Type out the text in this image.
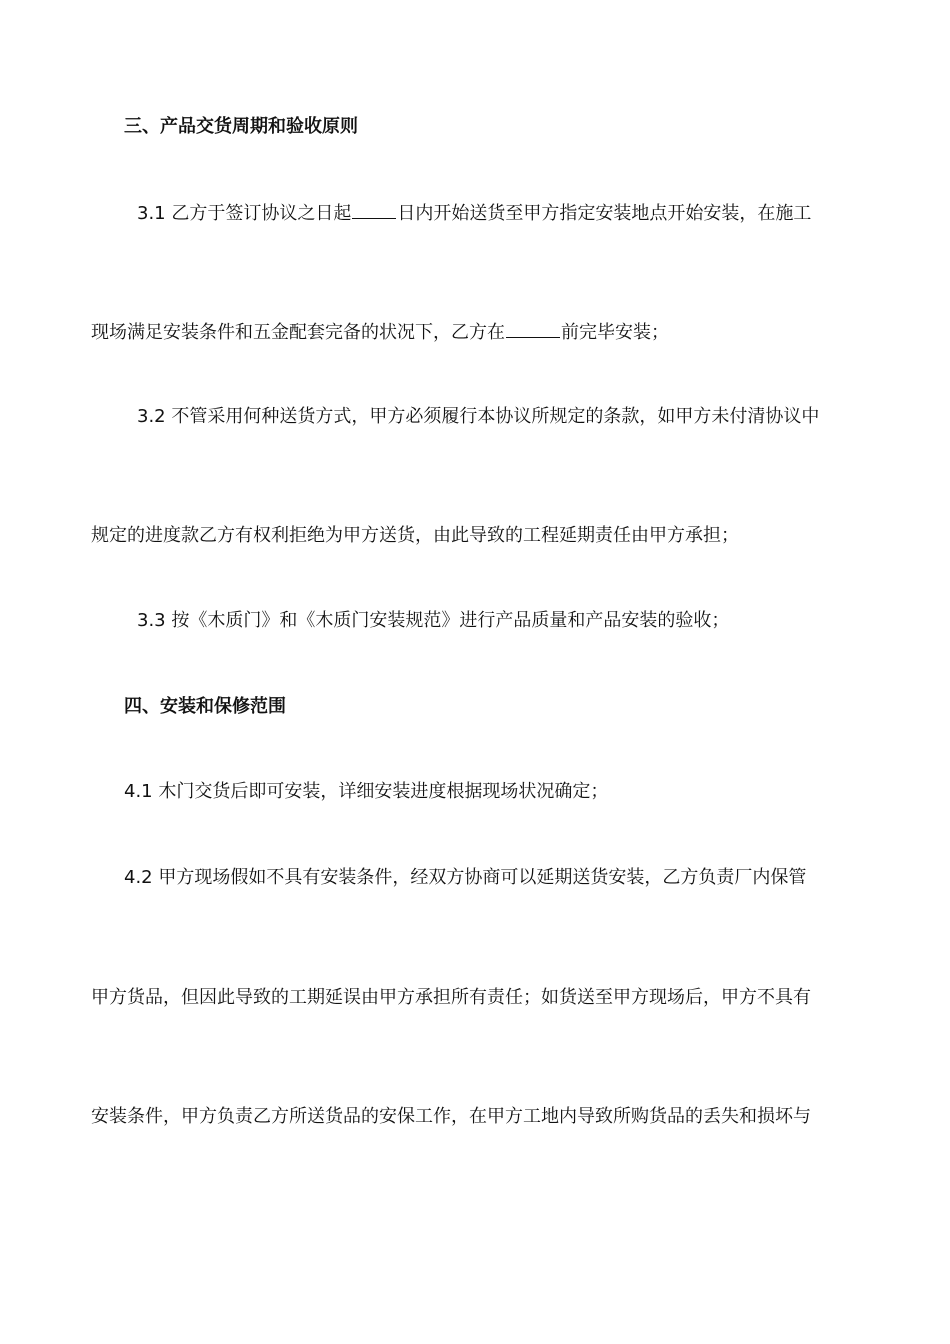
三、产品交货周期和验收原则
3.1 乙方于签订协议之日起	日内开始送货至甲方指定安装地点开始安装，在施工
现场满足安装条件和五金配套完备的状况下，乙方在	前完毕安装；
3.2 不管采用何种送货方式，甲方必须履行本协议所规定的条款，如甲方未付清协议中
规定的进度款乙方有权利拒绝为甲方送货，由此导致的工程延期责任由甲方承担；
3.3 按《木质门》和《木质门安装规范》进行产品质量和产品安装的验收；
四、安装和保修范围
4.1 木门交货后即可安装，详细安装进度根据现场状况确定；
4.2 甲方现场假如不具有安装条件，经双方协商可以延期送货安装，乙方负责厂内保管
甲方货品，但因此导致的工期延误由甲方承担所有责任；如货送至甲方现场后，甲方不具有
安装条件，甲方负责乙方所送货品的安保工作，在甲方工地内导致所购货品的丢失和损坏与
